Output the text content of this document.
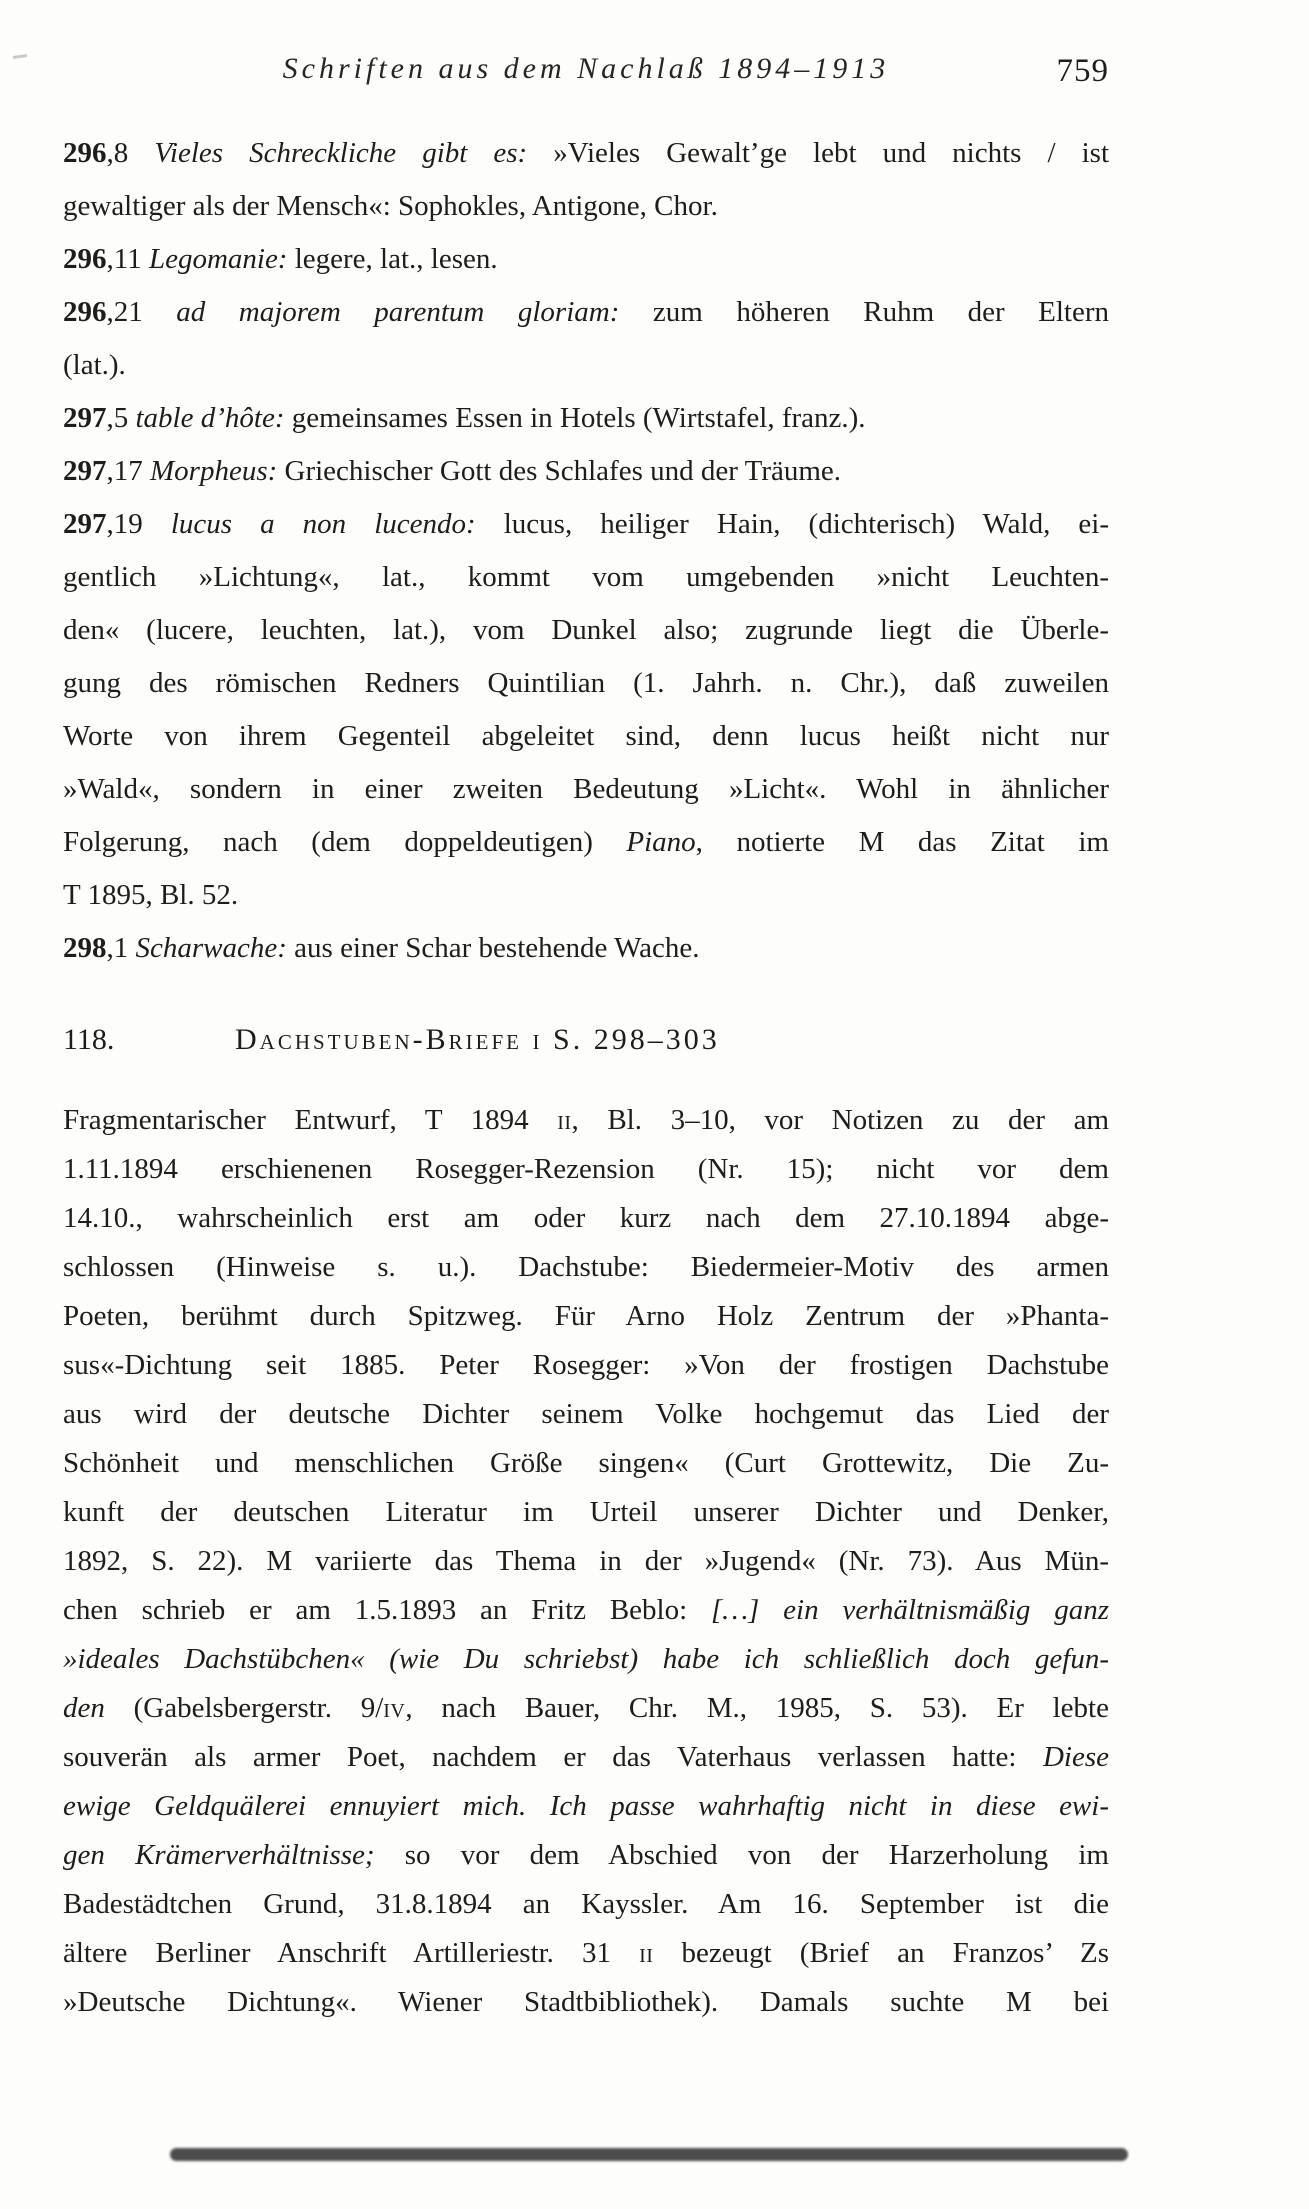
Schriften aus dem Nachlaß 1894–1913	759
296,8 Vieles Schreckliche gibt es: »Vieles Gewalt’ge lebt und nichts / ist
gewaltiger als der Mensch«: Sophokles, Antigone, Chor.
296,11 Legomanie: legere, lat., lesen.
296,21 ad majorem parentum gloriam: zum höheren Ruhm der Eltern
(lat.).
297,5 table d’hôte: gemeinsames Essen in Hotels (Wirtstafel, franz.).
297,17 Morpheus: Griechischer Gott des Schlafes und der Träume.
297,19 lucus a non lucendo: lucus, heiliger Hain, (dichterisch) Wald, ei-
gentlich »Lichtung«, lat., kommt vom umgebenden »nicht Leuchten-
den« (lucere, leuchten, lat.), vom Dunkel also; zugrunde liegt die Überle-
gung des römischen Redners Quintilian (1. Jahrh. n. Chr.), daß zuweilen
Worte von ihrem Gegenteil abgeleitet sind, denn lucus heißt nicht nur
»Wald«, sondern in einer zweiten Bedeutung »Licht«. Wohl in ähnlicher
Folgerung, nach (dem doppeldeutigen) Piano, notierte M das Zitat im
T 1895, Bl. 52.
298,1 Scharwache: aus einer Schar bestehende Wache.
118.	Dachstuben-Briefe i S. 298–303
Fragmentarischer Entwurf, T 1894 ii, Bl. 3–10, vor Notizen zu der am
1.11.1894 erschienenen Rosegger-Rezension (Nr. 15); nicht vor dem
14.10., wahrscheinlich erst am oder kurz nach dem 27.10.1894 abge-
schlossen (Hinweise s. u.). Dachstube: Biedermeier-Motiv des armen
Poeten, berühmt durch Spitzweg. Für Arno Holz Zentrum der »Phanta-
sus«-Dichtung seit 1885. Peter Rosegger: »Von der frostigen Dachstube
aus wird der deutsche Dichter seinem Volke hochgemut das Lied der
Schönheit und menschlichen Größe singen« (Curt Grottewitz, Die Zu-
kunft der deutschen Literatur im Urteil unserer Dichter und Denker,
1892, S. 22). M variierte das Thema in der »Jugend« (Nr. 73). Aus Mün-
chen schrieb er am 1.5.1893 an Fritz Beblo: […] ein verhältnismäßig ganz
»ideales Dachstübchen« (wie Du schriebst) habe ich schließlich doch gefun-
den (Gabelsbergerstr. 9/iv, nach Bauer, Chr. M., 1985, S. 53). Er lebte
souverän als armer Poet, nachdem er das Vaterhaus verlassen hatte: Diese
ewige Geldquälerei ennuyiert mich. Ich passe wahrhaftig nicht in diese ewi-
gen Krämerverhältnisse; so vor dem Abschied von der Harzerholung im
Badestädtchen Grund, 31.8.1894 an Kayssler. Am 16. September ist die
ältere Berliner Anschrift Artilleriestr. 31 ii bezeugt (Brief an Franzos’ Zs
»Deutsche Dichtung«. Wiener Stadtbibliothek). Damals suchte M bei
